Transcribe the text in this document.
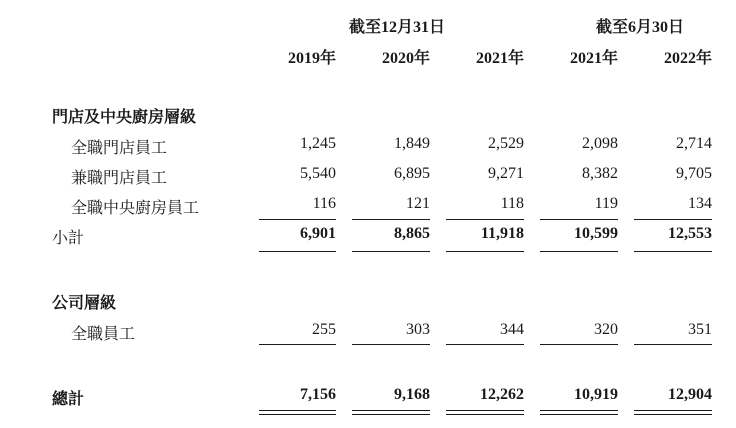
截至12月31日	截至6月30日
2019年	2020年	2021年	2021年	2022年
門店及中央廚房層級
全職門店員工	1,245	1,849	2,529	2,098	2,714
兼職門店員工	5,540	6,895	9,271	8,382	9,705
全職中央廚房員工	116	121	118	119	134
小計	6,901	8,865	11,918	10,599	12,553
公司層級
全職員工	255	303	344	320	351
總計	7,156	9,168	12,262	10,919	12,904
